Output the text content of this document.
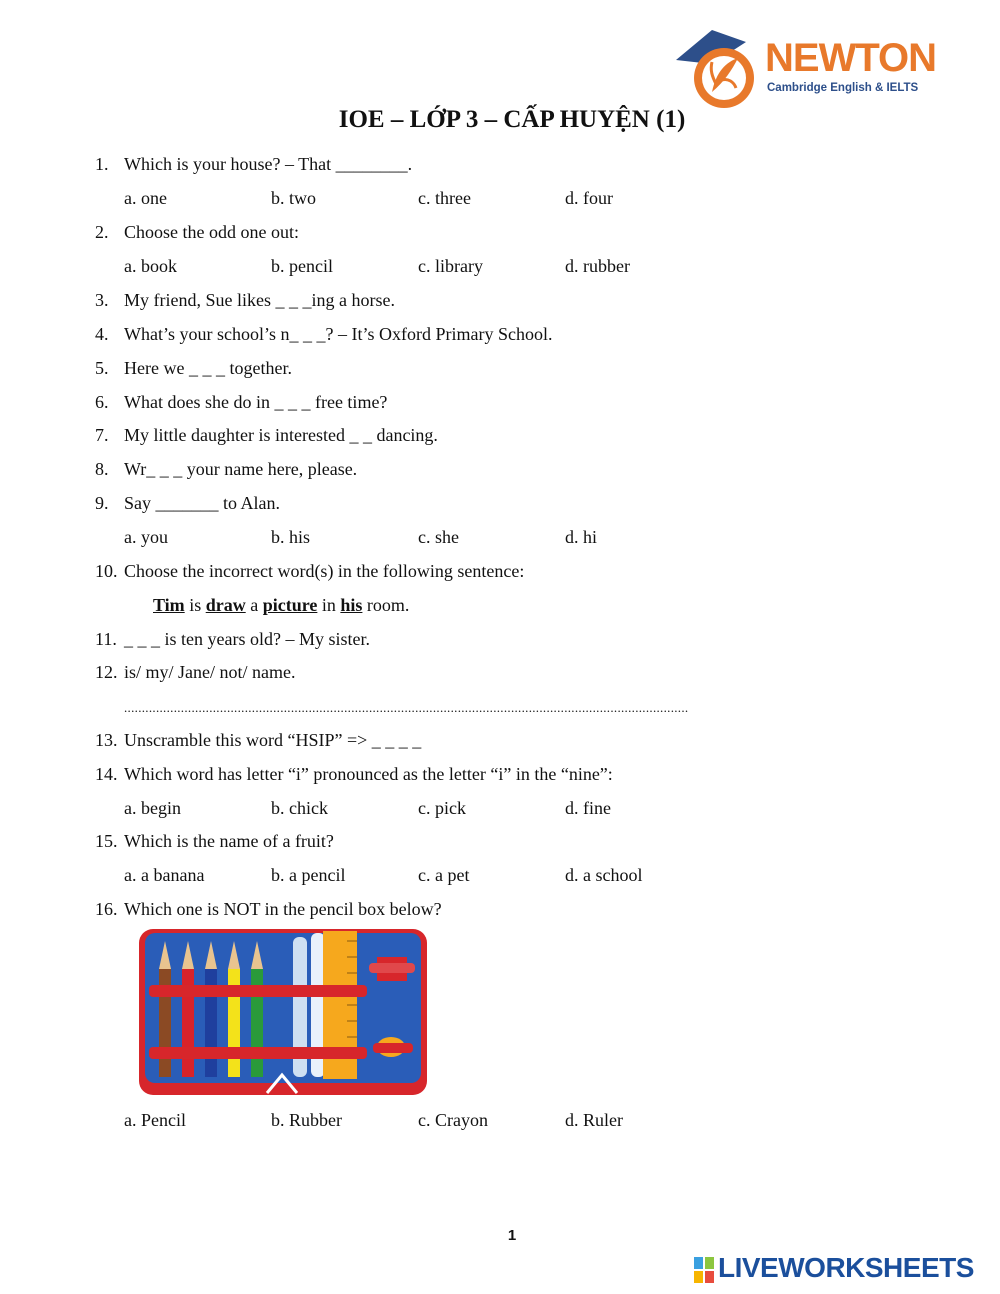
NEWTON
Cambridge English & IELTS
IOE – LỚP 3 – CẤP HUYỆN (1)
1. Which is your house? – That ________.
a. one	b. two	c. three	d. four
2. Choose the odd one out:
a. book	b. pencil	c. library	d. rubber
3. My friend, Sue likes _ _ _ing a horse.
4. What’s your school’s n_ _ _? – It’s Oxford Primary School.
5. Here we _ _ _ together.
6. What does she do in _ _ _ free time?
7. My little daughter is interested _ _ dancing.
8. Wr_ _ _ your name here, please.
9. Say _______ to Alan.
a. you	b. his	c. she	d. hi
10. Choose the incorrect word(s) in the following sentence:
Tim is draw a picture in his room.
11. _ _ _ is ten years old? – My sister.
12. is/ my/ Jane/ not/ name.
...............................................................................................................................................................
13. Unscramble this word “HSIP” => _ _ _ _
14. Which word has letter “i” pronounced as the letter “i” in the “nine”:
a. begin	b. chick	c. pick	d. fine
15. Which is the name of a fruit?
a. a banana	b. a pencil	c. a pet	d. a school
16. Which one is NOT in the pencil box below?
a. Pencil	b. Rubber	c. Crayon	d. Ruler
1
LIVEWORKSHEETS
